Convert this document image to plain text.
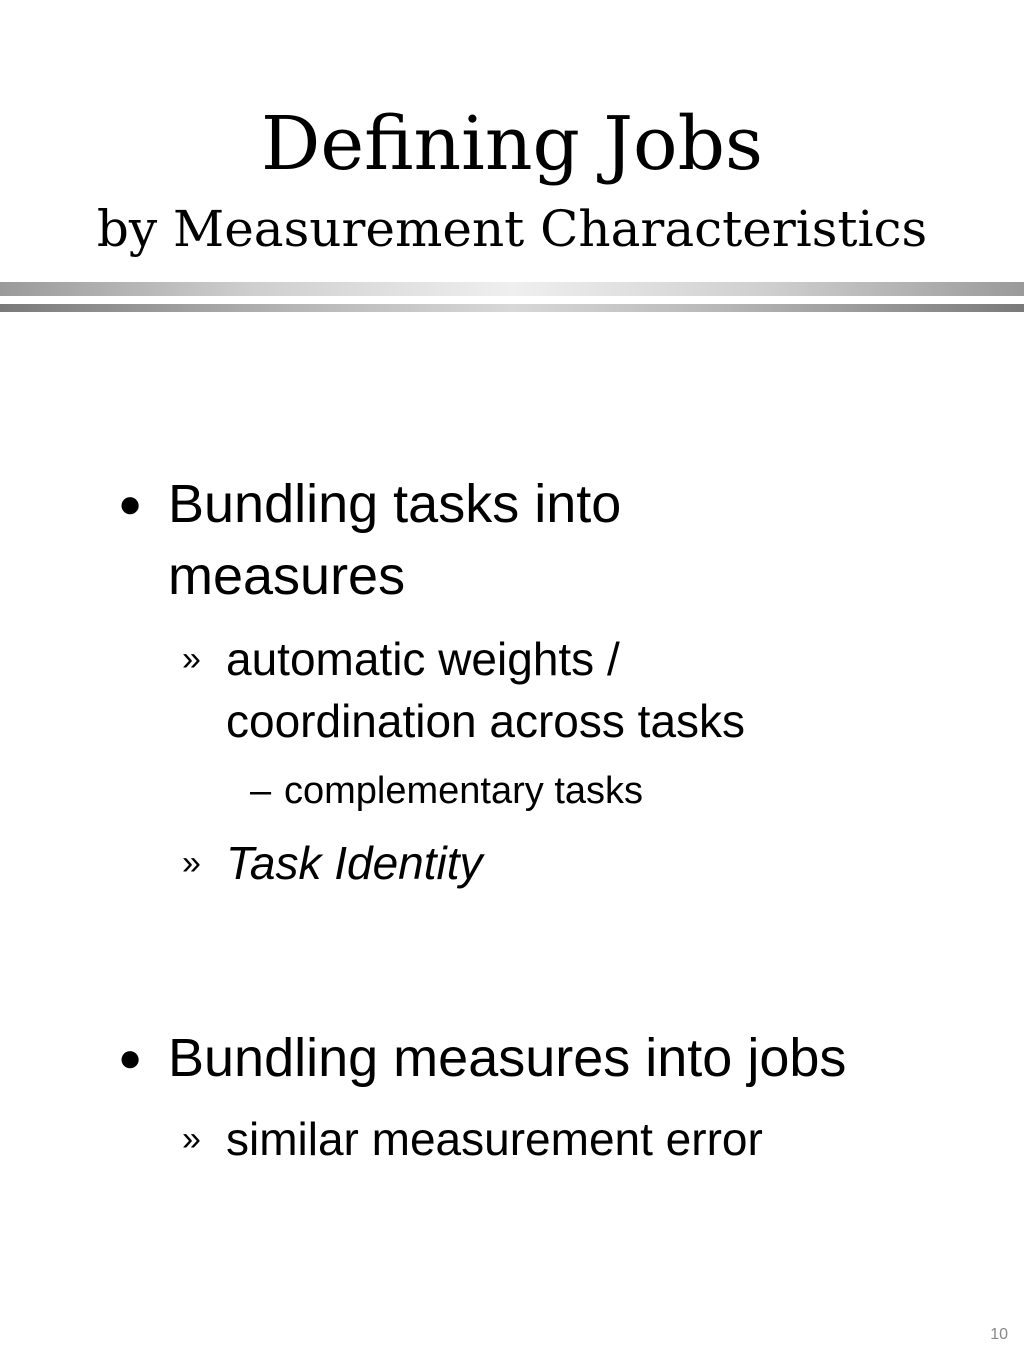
Defining Jobs
by Measurement Characteristics
● Bundling tasks into measures
» automatic weights / coordination across tasks
– complementary tasks
» Task Identity
● Bundling measures into jobs
» similar measurement error
10
